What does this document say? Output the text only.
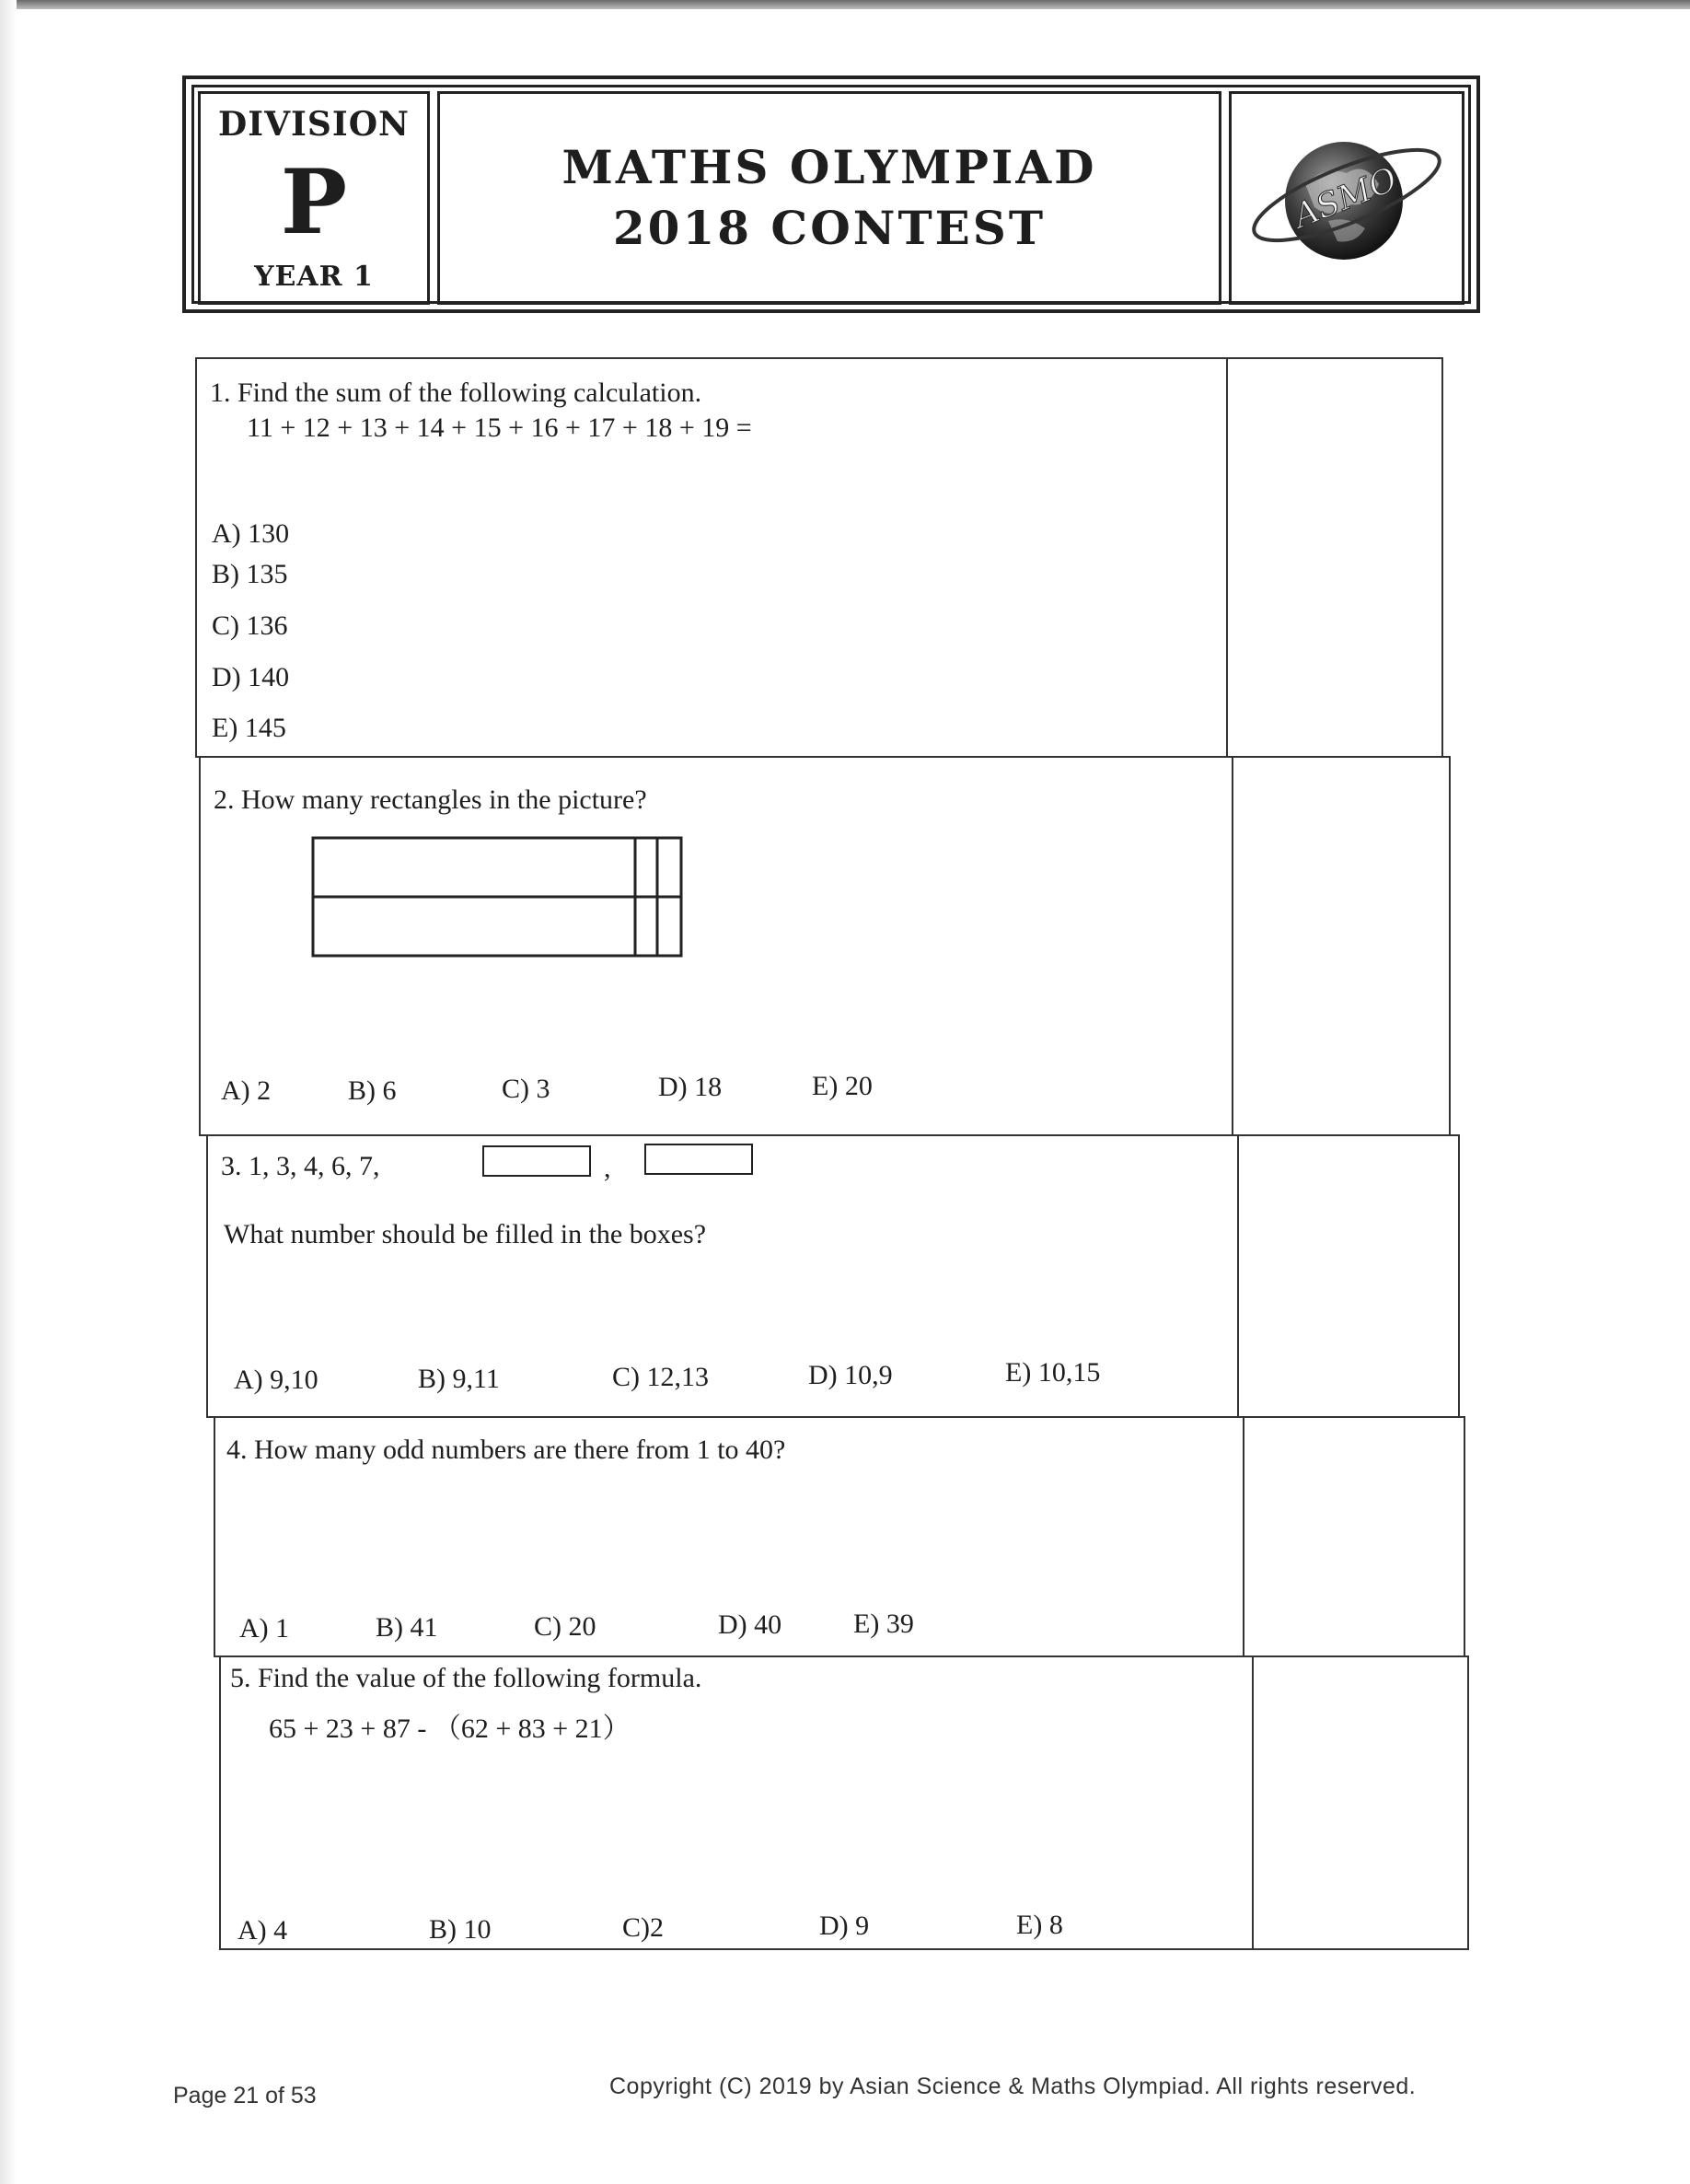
DIVISION
P
YEAR 1
MATHS OLYMPIAD
2018 CONTEST	ASMO
1. Find the sum of the following calculation.
11 + 12 + 13 + 14 + 15 + 16 + 17 + 18 + 19 =
A) 130
B) 135
C) 136
D) 140
E) 145
2. How many rectangles in the picture?
A) 2	B) 6	C) 3	D) 18	E) 20
3. 1, 3, 4, 6, 7,	,
What number should be filled in the boxes?
A) 9,10	B) 9,11	C) 12,13	D) 10,9	E) 10,15
4. How many odd numbers are there from 1 to 40?
A) 1	B) 41	C) 20	D) 40	E) 39
5. Find the value of the following formula.
65 + 23 + 87 - （62 + 83 + 21）
A) 4	B) 10	C)2	D) 9	E) 8
Page 21 of 53	Copyright (C) 2019 by Asian Science & Maths Olympiad. All rights reserved.
